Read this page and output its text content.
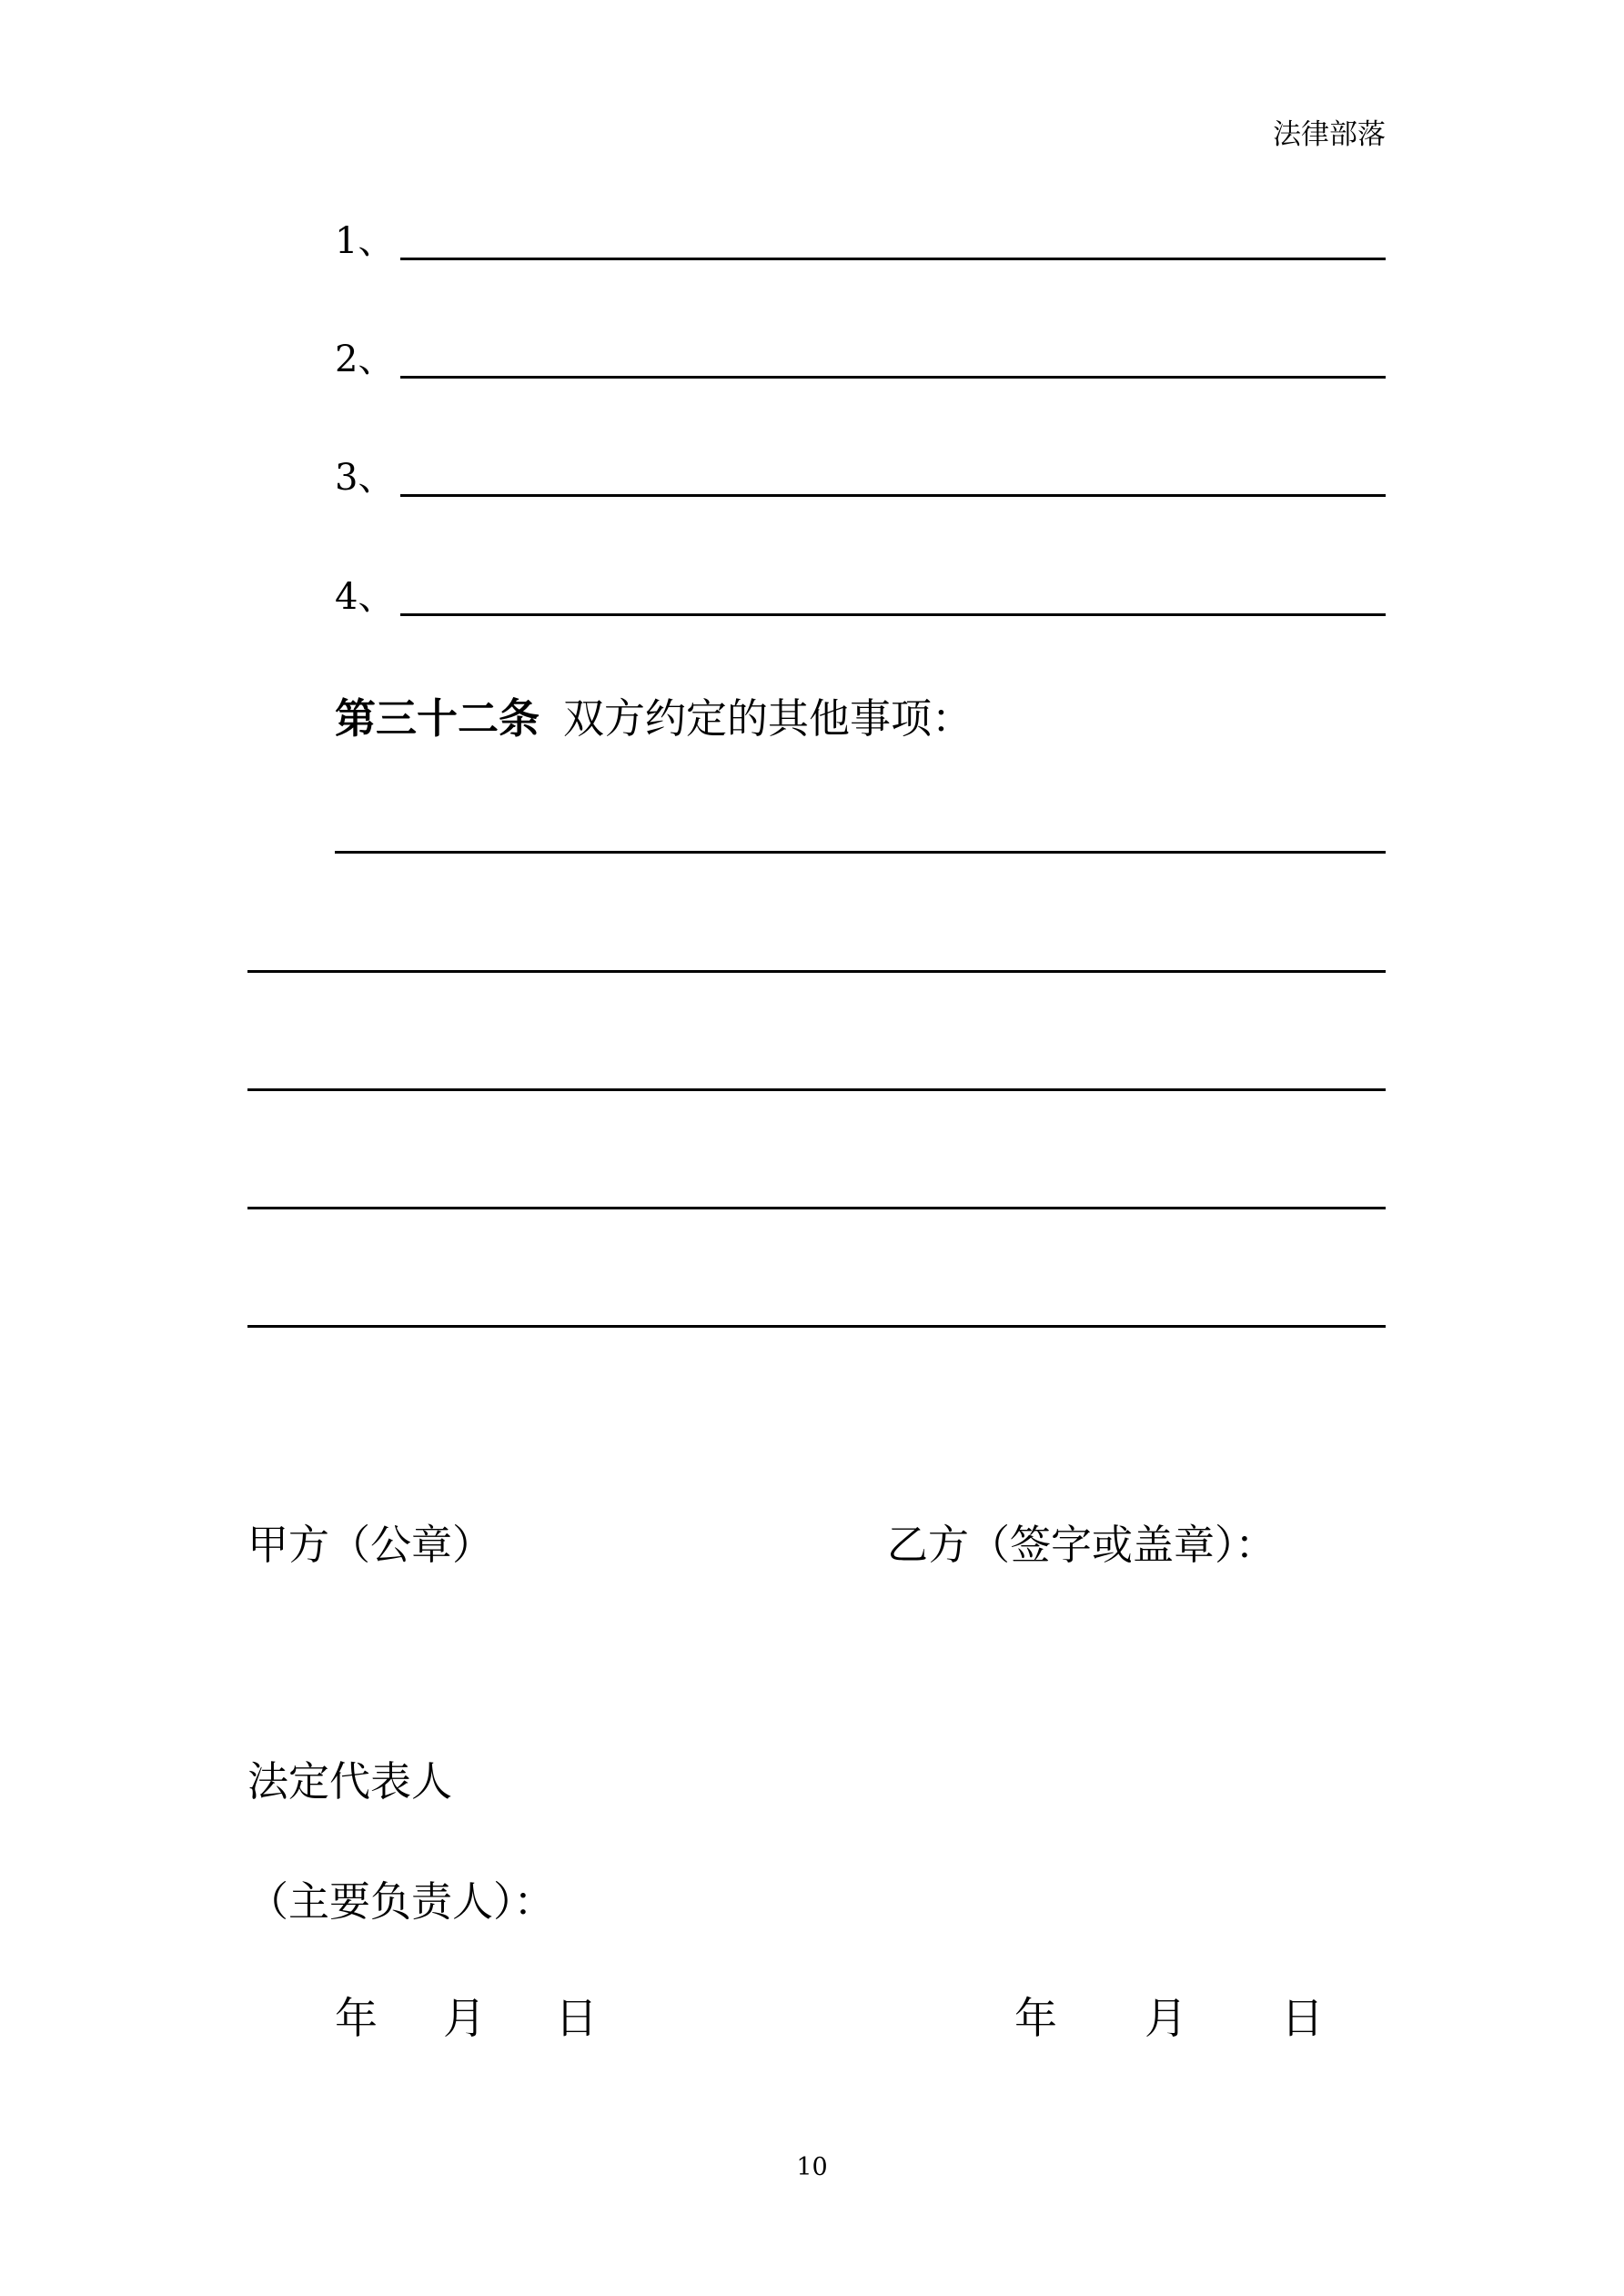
法律部落
1、
2、
3、
4、
第三十二条 双方约定的其他事项：
甲方（公章）	乙方（签字或盖章）：
法定代表人
（主要负责人）：
年 月 日	年 月 日
10
